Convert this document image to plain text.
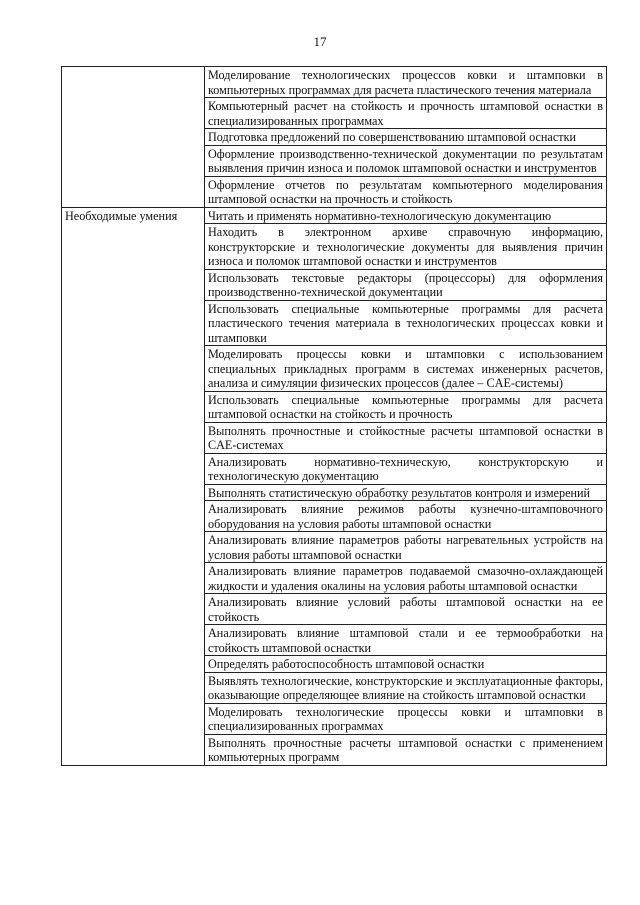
17

	Моделирование технологических процессов ковки и штамповки в компьютерных программах для расчета пластического течения материала

	Компьютерный расчет на стойкость и прочность штамповой оснастки в специализированных программах

	Подготовка предложений по совершенствованию штамповой оснастки

	Оформление производственно-технической документации по результатам выявления причин износа и поломок штамповой оснастки и инструментов

	Оформление отчетов по результатам компьютерного моделирования штамповой оснастки на прочность и стойкость

Необходимые умения	Читать и применять нормативно-технологическую документацию

	Находить в электронном архиве справочную информацию, конструкторские и технологические документы для выявления причин износа и поломок штамповой оснастки и инструментов

	Использовать текстовые редакторы (процессоры) для оформления производственно-технической документации

	Использовать специальные компьютерные программы для расчета пластического течения материала в технологических процессах ковки и штамповки

	Моделировать процессы ковки и штамповки с использованием специальных прикладных программ в системах инженерных расчетов, анализа и симуляции физических процессов (далее – CAE-системы)

	Использовать специальные компьютерные программы для расчета штамповой оснастки на стойкость и прочность

	Выполнять прочностные и стойкостные расчеты штамповой оснастки в CAE-системах

	Анализировать нормативно-техническую, конструкторскую и технологическую документацию

	Выполнять статистическую обработку результатов контроля и измерений

	Анализировать влияние режимов работы кузнечно-штамповочного оборудования на условия работы штамповой оснастки

	Анализировать влияние параметров работы нагревательных устройств на условия работы штамповой оснастки

	Анализировать влияние параметров подаваемой смазочно-охлаждающей жидкости и удаления окалины на условия работы штамповой оснастки

	Анализировать влияние условий работы штамповой оснастки на ее стойкость

	Анализировать влияние штамповой стали и ее термообработки на стойкость штамповой оснастки

	Определять работоспособность штамповой оснастки

	Выявлять технологические, конструкторские и эксплуатационные факторы, оказывающие определяющее влияние на стойкость штамповой оснастки

	Моделировать технологические процессы ковки и штамповки в специализированных программах

	Выполнять прочностные расчеты штамповой оснастки с применением компьютерных программ
